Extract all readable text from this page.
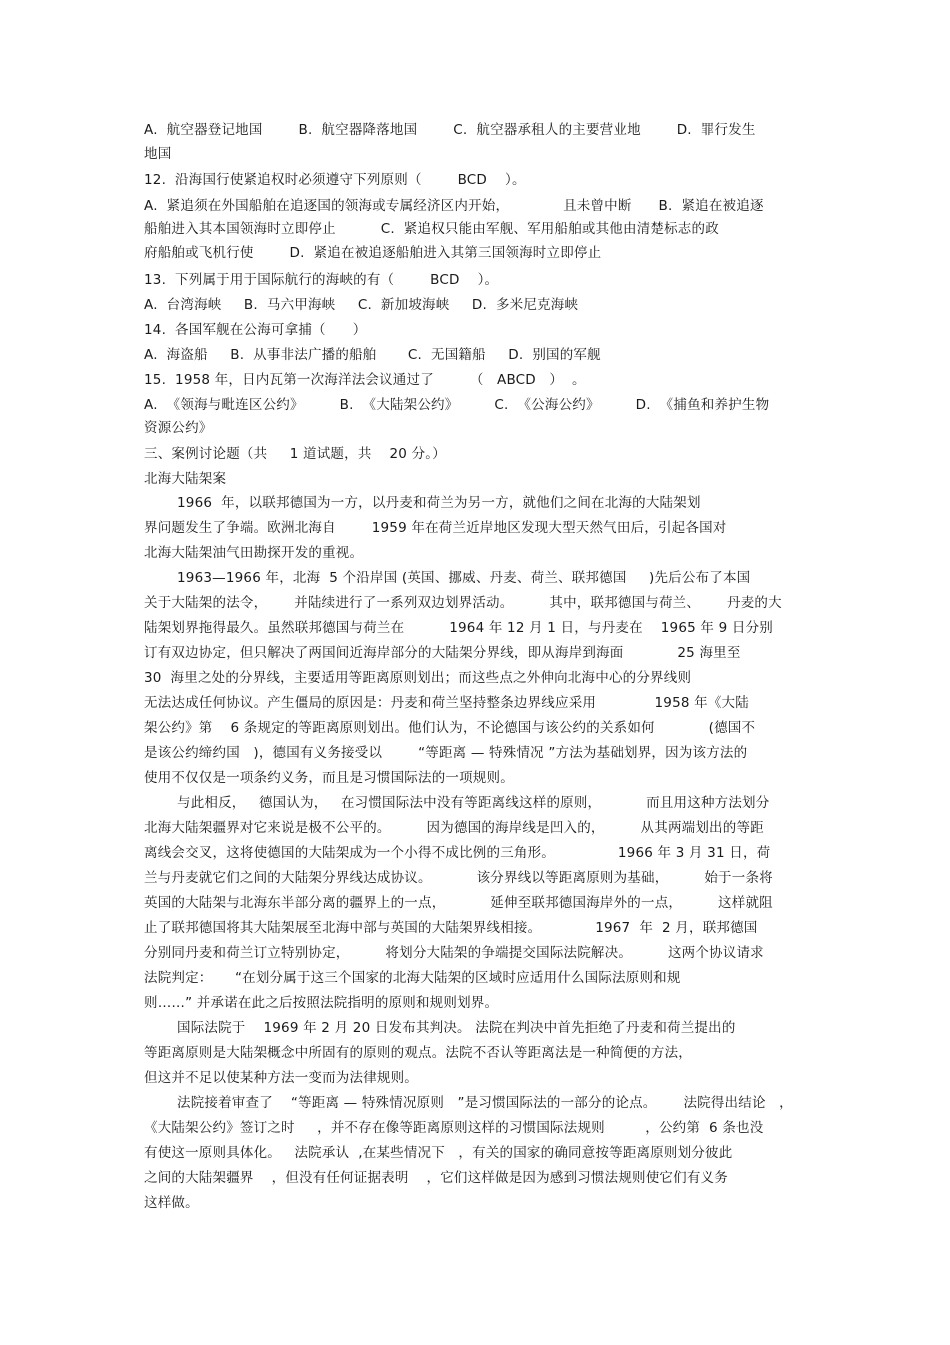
A.  航空器登记地国        B.  航空器降落地国        C.  航空器承租人的主要营业地        D.  罪行发生
地国
12.  沿海国行使紧追权时必须遵守下列原则（        BCD    ）。
A.  紧追须在外国船舶在追逐国的领海或专属经济区内开始，            且未曾中断      B.  紧追在被追逐
船舶进入其本国领海时立即停止          C.  紧追权只能由军舰、军用船舶或其他由清楚标志的政
府船舶或飞机行使        D.  紧追在被追逐船舶进入其第三国领海时立即停止
13.  下列属于用于国际航行的海峡的有（        BCD    ）。
A.  台湾海峡     B.  马六甲海峡     C.  新加坡海峡     D.  多米尼克海峡
14.  各国军舰在公海可拿捕（      ）
A.  海盗船     B.  从事非法广播的船舶       C.  无国籍船     D.  别国的军舰
15.  1958 年，日内瓦第一次海洋法会议通过了        （   ABCD   ）  。
A.  《领海与毗连区公约》        B.  《大陆架公约》        C.  《公海公约》        D.  《捕鱼和养护生物
资源公约》
三、案例讨论题（共     1 道试题，共    20 分。）
北海大陆架案
1966  年，以联邦德国为一方，以丹麦和荷兰为另一方，就他们之间在北海的大陆架划
界问题发生了争端。欧洲北海自        1959 年在荷兰近岸地区发现大型天然气田后，引起各国对
北海大陆架油气田勘探开发的重视。
1963—1966 年，北海  5 个沿岸国 (英国、挪威、丹麦、荷兰、联邦德国     )先后公布了本国
关于大陆架的法令，      并陆续进行了一系列双边划界活动。        其中，联邦德国与荷兰、      丹麦的大
陆架划界拖得最久。虽然联邦德国与荷兰在          1964 年 12 月 1 日，与丹麦在    1965 年 9 日分别
订有双边协定，但只解决了两国间近海岸部分的大陆架分界线，即从海岸到海面            25 海里至
30  海里之处的分界线，主要适用等距离原则划出；而这些点之外伸向北海中心的分界线则
无法达成任何协议。产生僵局的原因是：丹麦和荷兰坚持整条边界线应采用             1958 年《大陆
架公约》第    6 条规定的等距离原则划出。他们认为，不论德国与该公约的关系如何            (德国不
是该公约缔约国   )，德国有义务接受以        “等距离 — 特殊情况 ”方法为基础划界，因为该方法的
使用不仅仅是一项条约义务，而且是习惯国际法的一项规则。
与此相反，   德国认为，   在习惯国际法中没有等距离线这样的原则，          而且用这种方法划分
北海大陆架疆界对它来说是极不公平的。        因为德国的海岸线是凹入的，        从其两端划出的等距
离线会交叉，这将使德国的大陆架成为一个小得不成比例的三角形。              1966 年 3 月 31 日，荷
兰与丹麦就它们之间的大陆架分界线达成协议。          该分界线以等距离原则为基础，        始于一条将
英国的大陆架与北海东半部分离的疆界上的一点，          延伸至联邦德国海岸外的一点，        这样就阻
止了联邦德国将其大陆架展至北海中部与英国的大陆架界线相接。            1967  年  2 月，联邦德国
分别同丹麦和荷兰订立特别协定，        将划分大陆架的争端提交国际法院解决。        这两个协议请求
法院判定：     “在划分属于这三个国家的北海大陆架的区域时应适用什么国际法原则和规
则……” 并承诺在此之后按照法院指明的原则和规则划界。
国际法院于    1969 年 2 月 20 日发布其判决。 法院在判决中首先拒绝了丹麦和荷兰提出的
等距离原则是大陆架概念中所固有的原则的观点。法院不否认等距离法是一种简便的方法，
但这并不足以使某种方法一变而为法律规则。
法院接着审查了    “等距离 — 特殊情况原则   ”是习惯国际法的一部分的论点。      法院得出结论   ，
《大陆架公约》签订之时     ，并不存在像等距离原则这样的习惯国际法规则         ，公约第  6 条也没
有使这一原则具体化。   法院承认  ,在某些情况下   ，有关的国家的确同意按等距离原则划分彼此
之间的大陆架疆界    ，但没有任何证据表明    ，它们这样做是因为感到习惯法规则使它们有义务
这样做。
